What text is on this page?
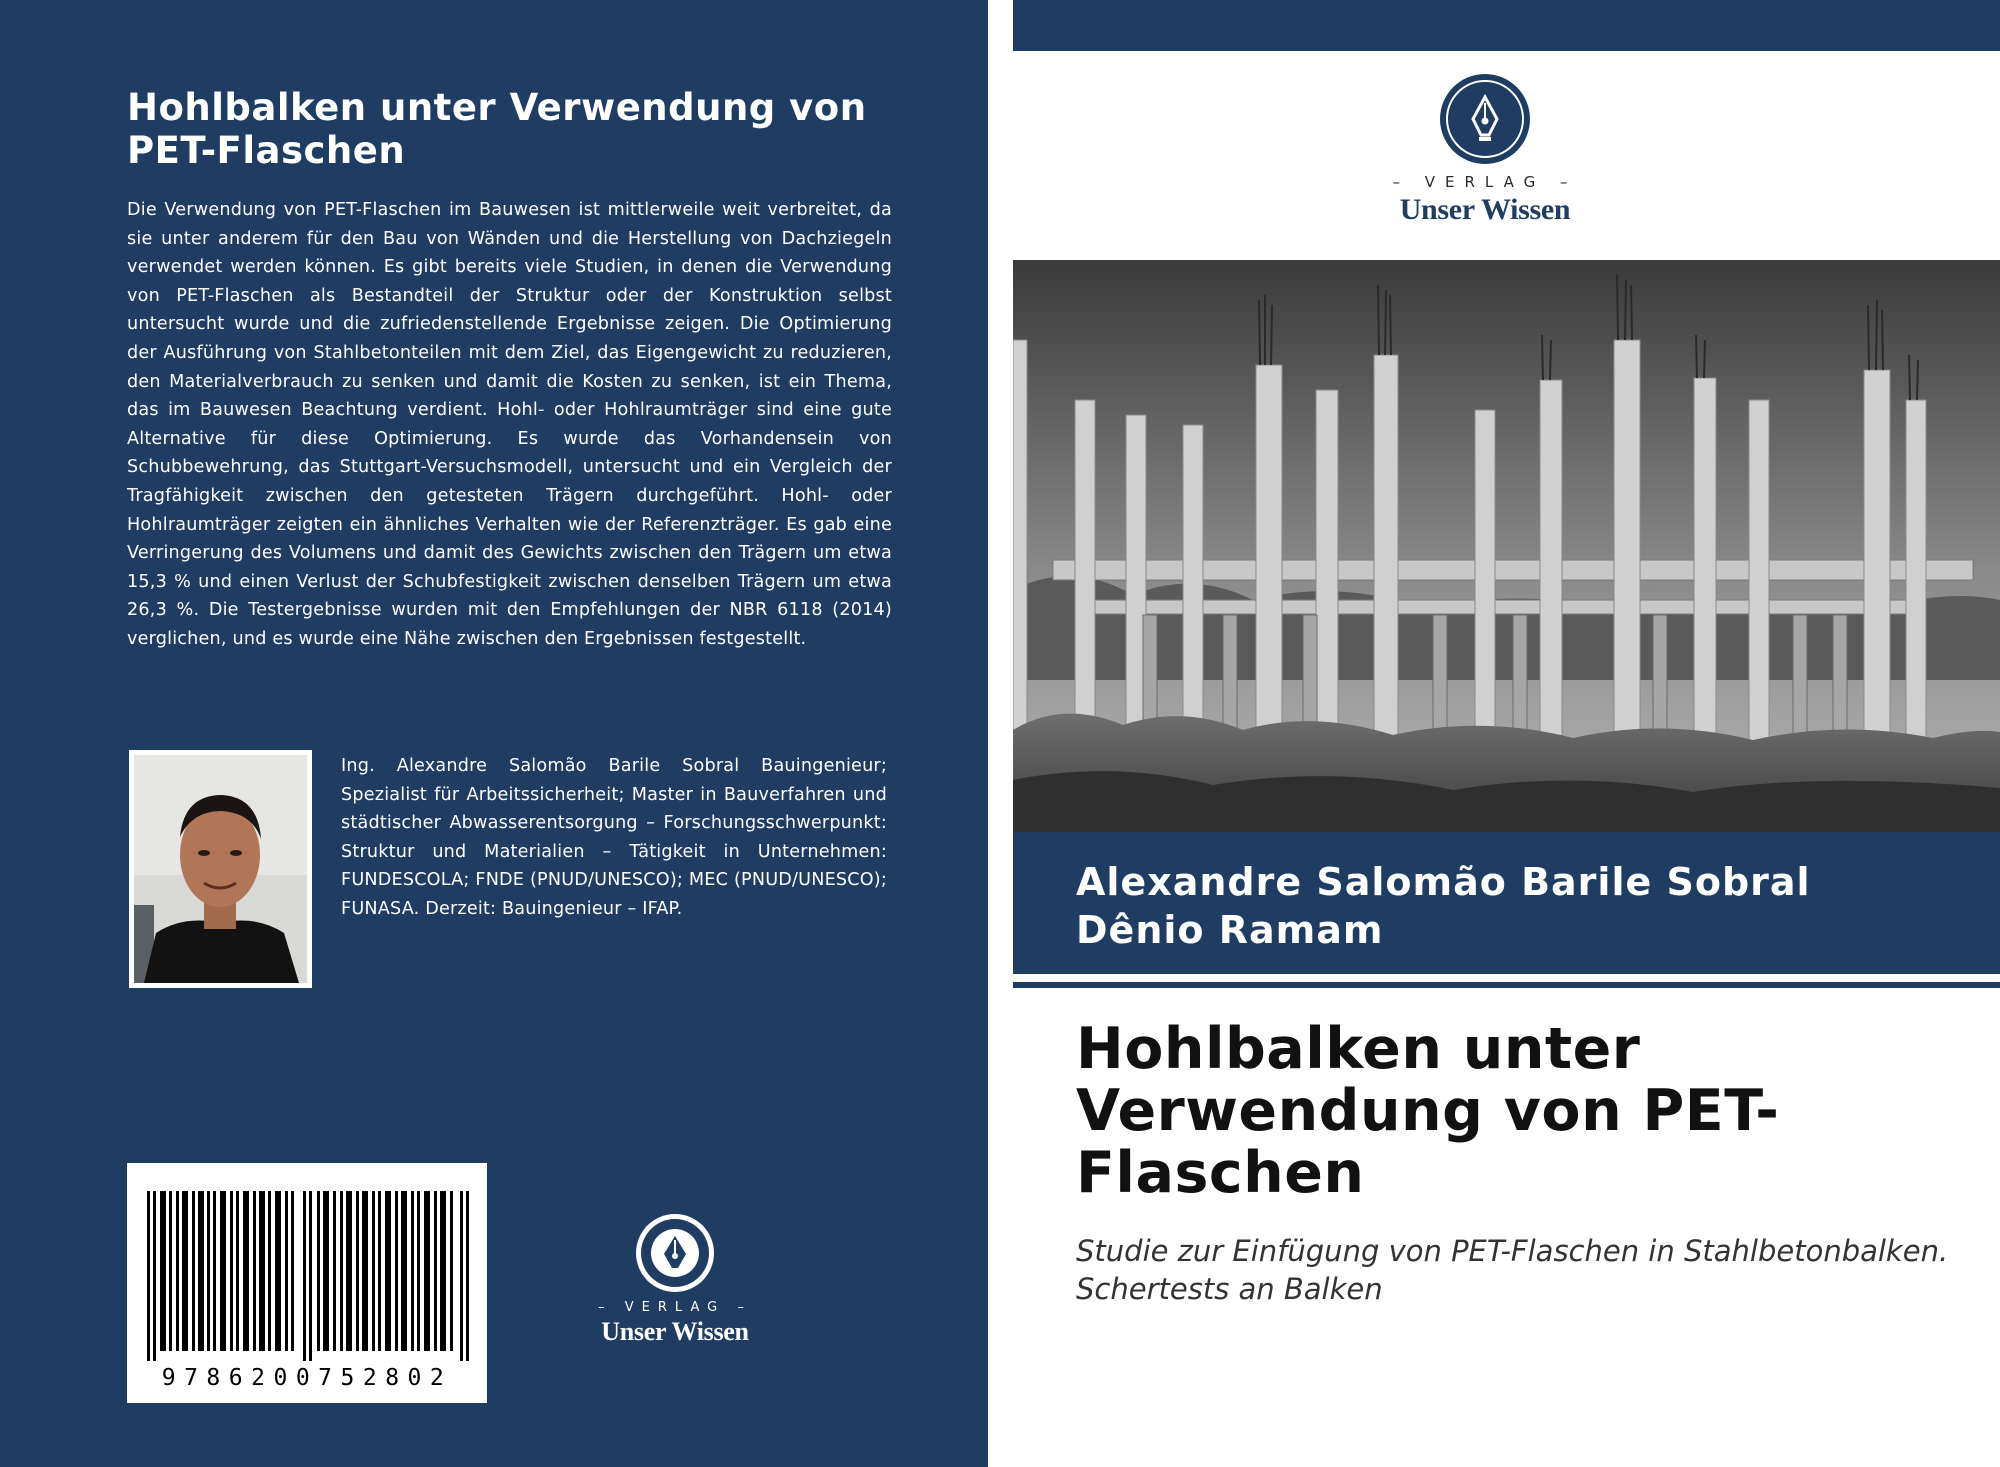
Hohlbalken unter Verwendung von PET-Flaschen
Die Verwendung von PET-Flaschen im Bauwesen ist mittlerweile weit verbreitet, da sie unter anderem für den Bau von Wänden und die Herstellung von Dachziegeln verwendet werden können. Es gibt bereits viele Studien, in denen die Verwendung von PET-Flaschen als Bestandteil der Struktur oder der Konstruktion selbst untersucht wurde und die zufriedenstellende Ergebnisse zeigen. Die Optimierung der Ausführung von Stahlbetonteilen mit dem Ziel, das Eigengewicht zu reduzieren, den Materialverbrauch zu senken und damit die Kosten zu senken, ist ein Thema, das im Bauwesen Beachtung verdient. Hohl- oder Hohlraumträger sind eine gute Alternative für diese Optimierung. Es wurde das Vorhandensein von Schubbewehrung, das Stuttgart-Versuchsmodell, untersucht und ein Vergleich der Tragfähigkeit zwischen den getesteten Trägern durchgeführt. Hohl- oder Hohlraumträger zeigten ein ähnliches Verhalten wie der Referenzträger. Es gab eine Verringerung des Volumens und damit des Gewichts zwischen den Trägern um etwa 15,3 % und einen Verlust der Schubfestigkeit zwischen denselben Trägern um etwa 26,3 %. Die Testergebnisse wurden mit den Empfehlungen der NBR 6118 (2014) verglichen, und es wurde eine Nähe zwischen den Ergebnissen festgestellt.
Ing. Alexandre Salomão Barile Sobral Bauingenieur; Spezialist für Arbeitssicherheit; Master in Bauverfahren und städtischer Abwasserentsorgung – Forschungsschwerpunkt: Struktur und Materialien – Tätigkeit in Unternehmen: FUNDESCOLA; FNDE (PNUD/UNESCO); MEC (PNUD/UNESCO); FUNASA. Derzeit: Bauingenieur – IFAP.
9786200752802
– VERLAG –
Unser Wissen
– VERLAG –
Unser Wissen
Alexandre Salomão Barile Sobral
Dênio Ramam
Hohlbalken unter Verwendung von PET-Flaschen
Studie zur Einfügung von PET-Flaschen in Stahlbetonbalken. Schertests an Balken
